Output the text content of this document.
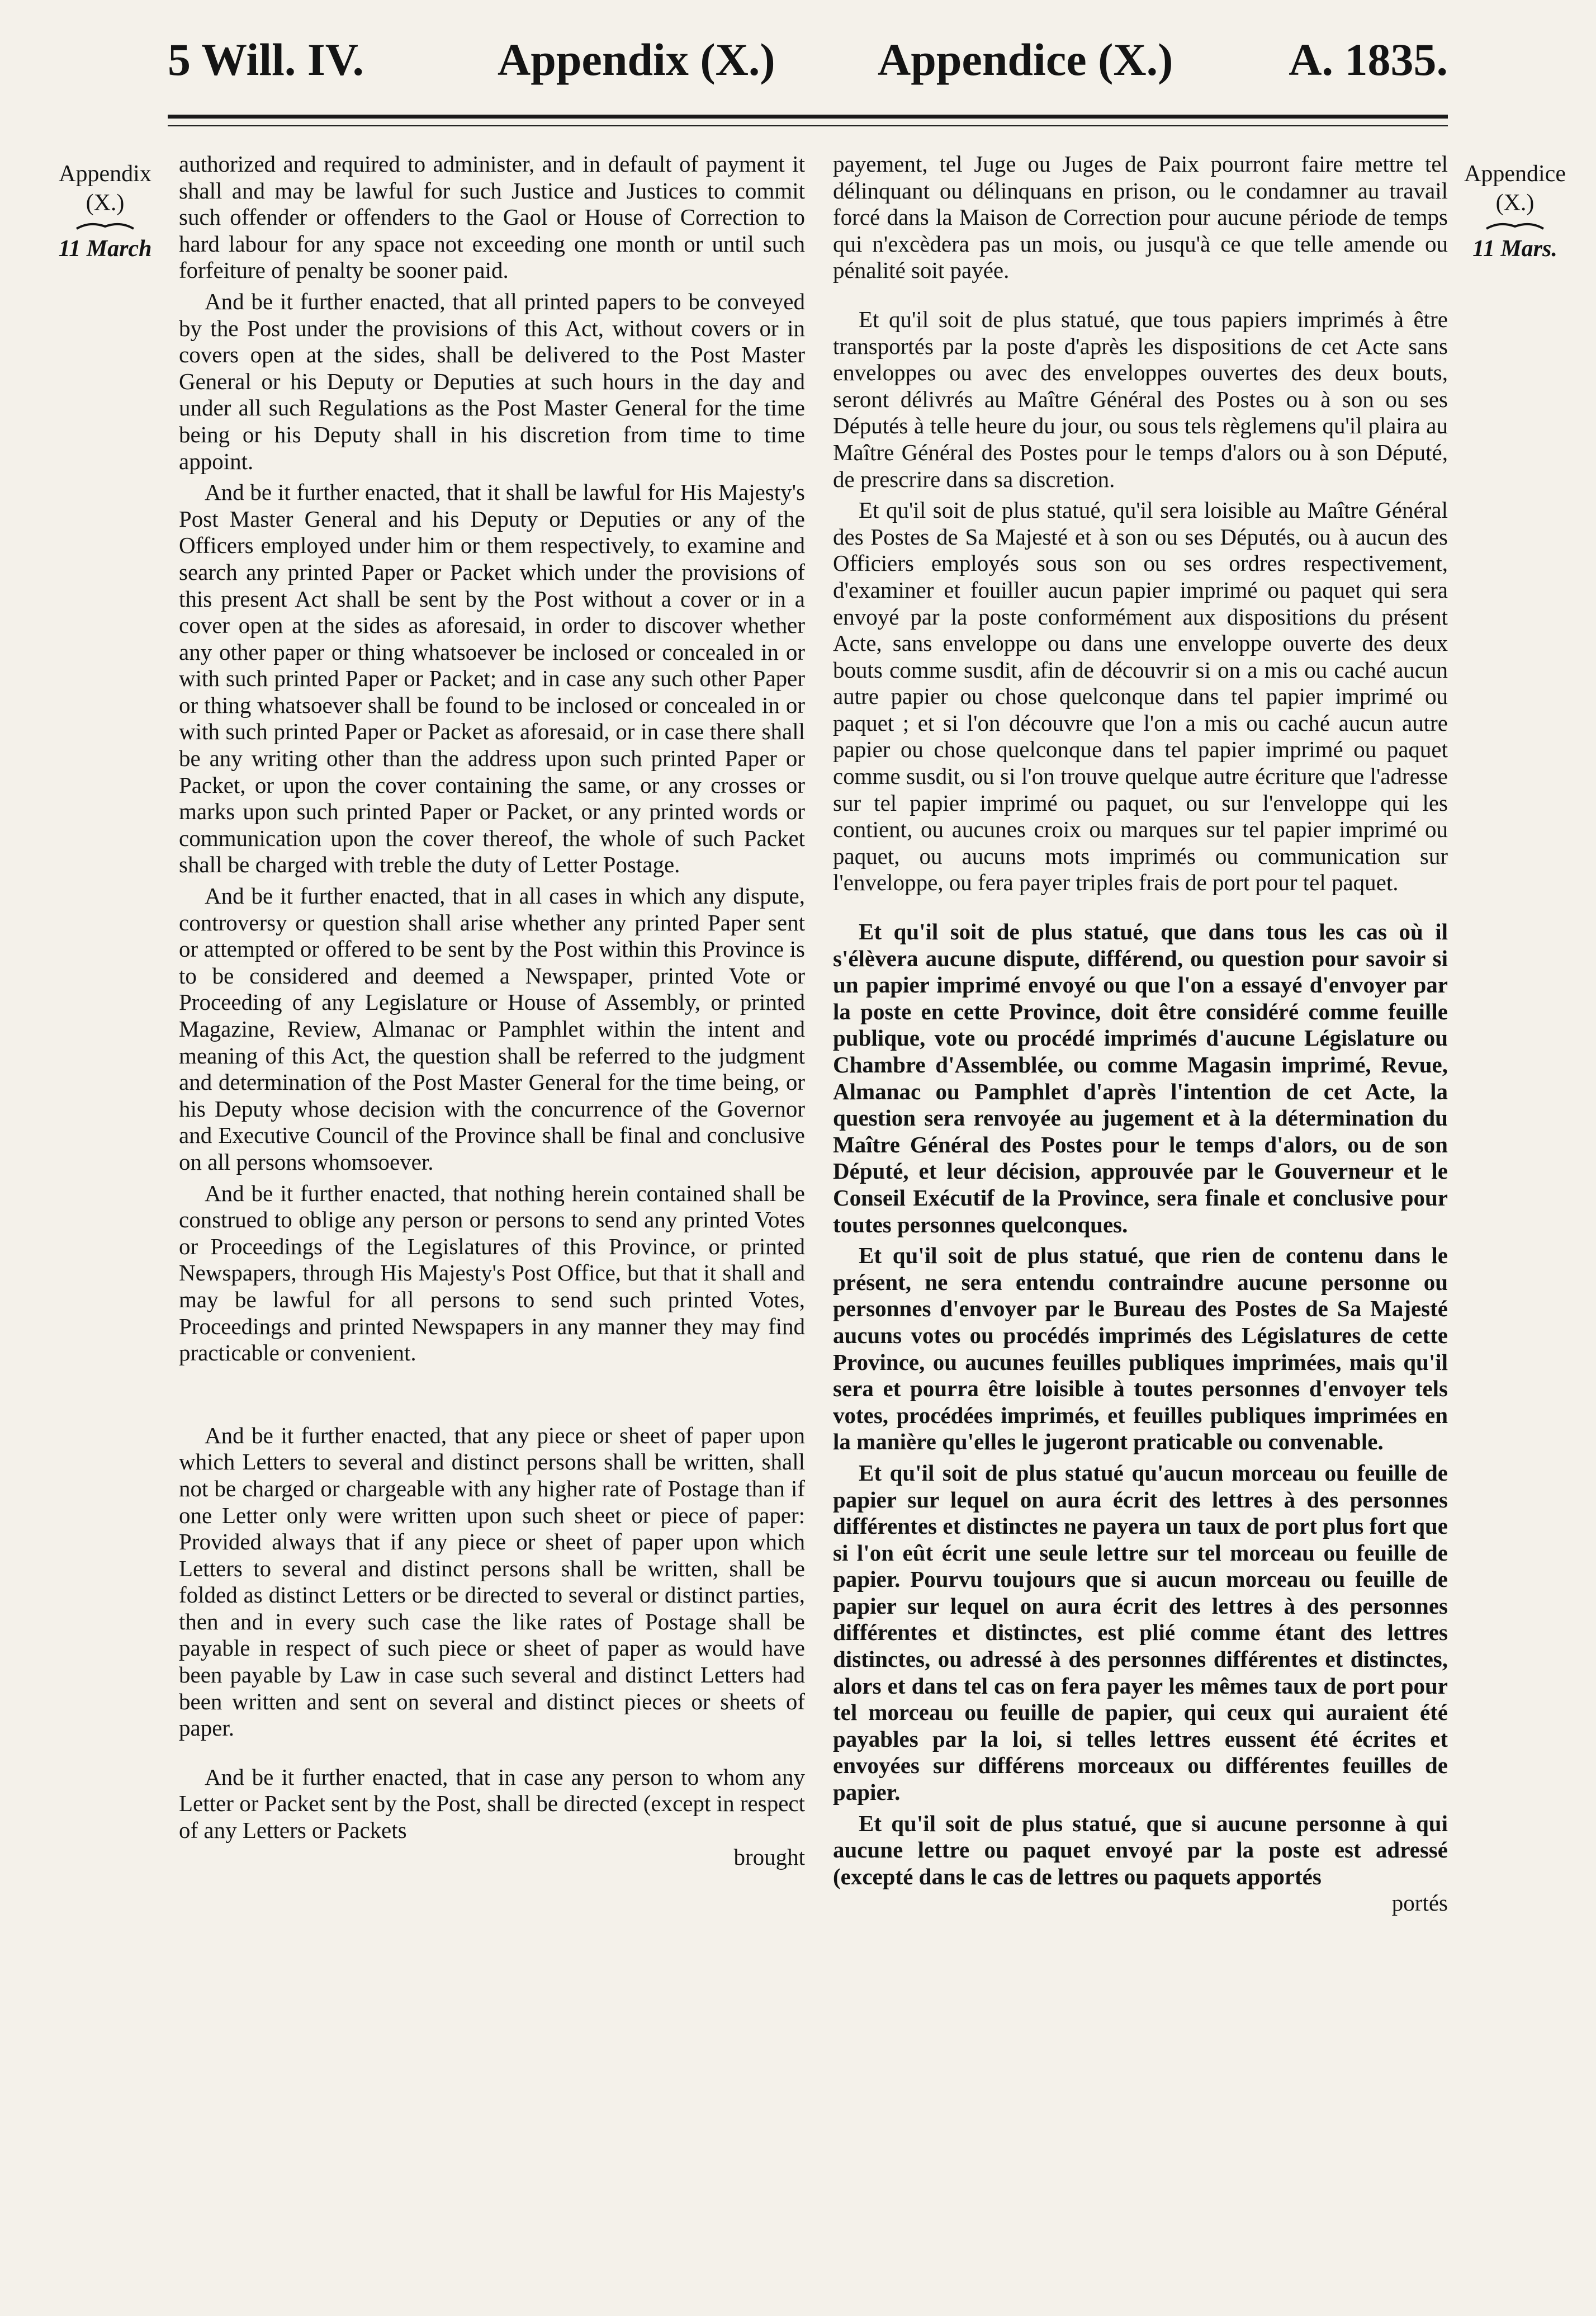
5 Will. IV.	Appendix (X.) Appendice (X.)	A. 1835.
Appendix
(X.)
11 March
Appendice
(X.)
11 Mars.

authorized and required to administer, and in default of payment it shall and may be lawful for such Justice and Justices to commit such offender or offenders to the Gaol or House of Correction to hard labour for any space not exceeding one month or until such forfeiture of penalty be sooner paid.

And be it further enacted, that all printed papers to be conveyed by the Post under the provisions of this Act, without covers or in covers open at the sides, shall be delivered to the Post Master General or his Deputy or Deputies at such hours in the day and under all such Regulations as the Post Master General for the time being or his Deputy shall in his discretion from time to time appoint.

And be it further enacted, that it shall be lawful for His Majesty's Post Master General and his Deputy or Deputies or any of the Officers employed under him or them respectively, to examine and search any printed Paper or Packet which under the provisions of this present Act shall be sent by the Post without a cover or in a cover open at the sides as aforesaid, in order to discover whether any other paper or thing whatsoever be inclosed or concealed in or with such printed Paper or Packet; and in case any such other Paper or thing whatsoever shall be found to be inclosed or concealed in or with such printed Paper or Packet as aforesaid, or in case there shall be any writing other than the address upon such printed Paper or Packet, or upon the cover containing the same, or any crosses or marks upon such printed Paper or Packet, or any printed words or communication upon the cover thereof, the whole of such Packet shall be charged with treble the duty of Letter Postage.

And be it further enacted, that in all cases in which any dispute, controversy or question shall arise whether any printed Paper sent or attempted or offered to be sent by the Post within this Province is to be considered and deemed a Newspaper, printed Vote or Proceeding of any Legislature or House of Assembly, or printed Magazine, Review, Almanac or Pamphlet within the intent and meaning of this Act, the question shall be referred to the judgment and determination of the Post Master General for the time being, or his Deputy whose decision with the concurrence of the Governor and Executive Council of the Province shall be final and conclusive on all persons whomsoever.

And be it further enacted, that nothing herein contained shall be construed to oblige any person or persons to send any printed Votes or Proceedings of the Legislatures of this Province, or printed Newspapers, through His Majesty's Post Office, but that it shall and may be lawful for all persons to send such printed Votes, Proceedings and printed Newspapers in any manner they may find practicable or convenient.

And be it further enacted, that any piece or sheet of paper upon which Letters to several and distinct persons shall be written, shall not be charged or chargeable with any higher rate of Postage than if one Letter only were written upon such sheet or piece of paper: Provided always that if any piece or sheet of paper upon which Letters to several and distinct persons shall be written, shall be folded as distinct Letters or be directed to several or distinct parties, then and in every such case the like rates of Postage shall be payable in respect of such piece or sheet of paper as would have been payable by Law in case such several and distinct Letters had been written and sent on several and distinct pieces or sheets of paper.

And be it further enacted, that in case any person to whom any Letter or Packet sent by the Post, shall be directed (except in respect of any Letters or Packets

brought

payement, tel Juge ou Juges de Paix pourront faire mettre tel délinquant ou délinquans en prison, ou le condamner au travail forcé dans la Maison de Correction pour aucune période de temps qui n'excèdera pas un mois, ou jusqu'à ce que telle amende ou pénalité soit payée.

Et qu'il soit de plus statué, que tous papiers imprimés à être transportés par la poste d'après les dispositions de cet Acte sans enveloppes ou avec des enveloppes ouvertes des deux bouts, seront délivrés au Maître Général des Postes ou à son ou ses Députés à telle heure du jour, ou sous tels règlemens qu'il plaira au Maître Général des Postes pour le temps d'alors ou à son Député, de prescrire dans sa discretion.

Et qu'il soit de plus statué, qu'il sera loisible au Maître Général des Postes de Sa Majesté et à son ou ses Députés, ou à aucun des Officiers employés sous son ou ses ordres respectivement, d'examiner et fouiller aucun papier imprimé ou paquet qui sera envoyé par la poste conformément aux dispositions du présent Acte, sans enveloppe ou dans une enveloppe ouverte des deux bouts comme susdit, afin de découvrir si on a mis ou caché aucun autre papier ou chose quelconque dans tel papier imprimé ou paquet ; et si l'on découvre que l'on a mis ou caché aucun autre papier ou chose quelconque dans tel papier imprimé ou paquet comme susdit, ou si l'on trouve quelque autre écriture que l'adresse sur tel papier imprimé ou paquet, ou sur l'enveloppe qui les contient, ou aucunes croix ou marques sur tel papier imprimé ou paquet, ou aucuns mots imprimés ou communication sur l'enveloppe, ou fera payer triples frais de port pour tel paquet.

Et qu'il soit de plus statué, que dans tous les cas où il s'élèvera aucune dispute, différend, ou question pour savoir si un papier imprimé envoyé ou que l'on a essayé d'envoyer par la poste en cette Province, doit être considéré comme feuille publique, vote ou procédé imprimés d'aucune Législature ou Chambre d'Assemblée, ou comme Magasin imprimé, Revue, Almanac ou Pamphlet d'après l'intention de cet Acte, la question sera renvoyée au jugement et à la détermination du Maître Général des Postes pour le temps d'alors, ou de son Député, et leur décision, approuvée par le Gouverneur et le Conseil Exécutif de la Province, sera finale et conclusive pour toutes personnes quelconques.

Et qu'il soit de plus statué, que rien de contenu dans le présent, ne sera entendu contraindre aucune personne ou personnes d'envoyer par le Bureau des Postes de Sa Majesté aucuns votes ou procédés imprimés des Législatures de cette Province, ou aucunes feuilles publiques imprimées, mais qu'il sera et pourra être loisible à toutes personnes d'envoyer tels votes, procédées imprimés, et feuilles publiques imprimées en la manière qu'elles le jugeront praticable ou convenable.

Et qu'il soit de plus statué qu'aucun morceau ou feuille de papier sur lequel on aura écrit des lettres à des personnes différentes et distinctes ne payera un taux de port plus fort que si l'on eût écrit une seule lettre sur tel morceau ou feuille de papier. Pourvu toujours que si aucun morceau ou feuille de papier sur lequel on aura écrit des lettres à des personnes différentes et distinctes, est plié comme étant des lettres distinctes, ou adressé à des personnes différentes et distinctes, alors et dans tel cas on fera payer les mêmes taux de port pour tel morceau ou feuille de papier, qui ceux qui auraient été payables par la loi, si telles lettres eussent été écrites et envoyées sur différens morceaux ou différentes feuilles de papier.

Et qu'il soit de plus statué, que si aucune personne à qui aucune lettre ou paquet envoyé par la poste est adressé (excepté dans le cas de lettres ou paquets apportés

portés
